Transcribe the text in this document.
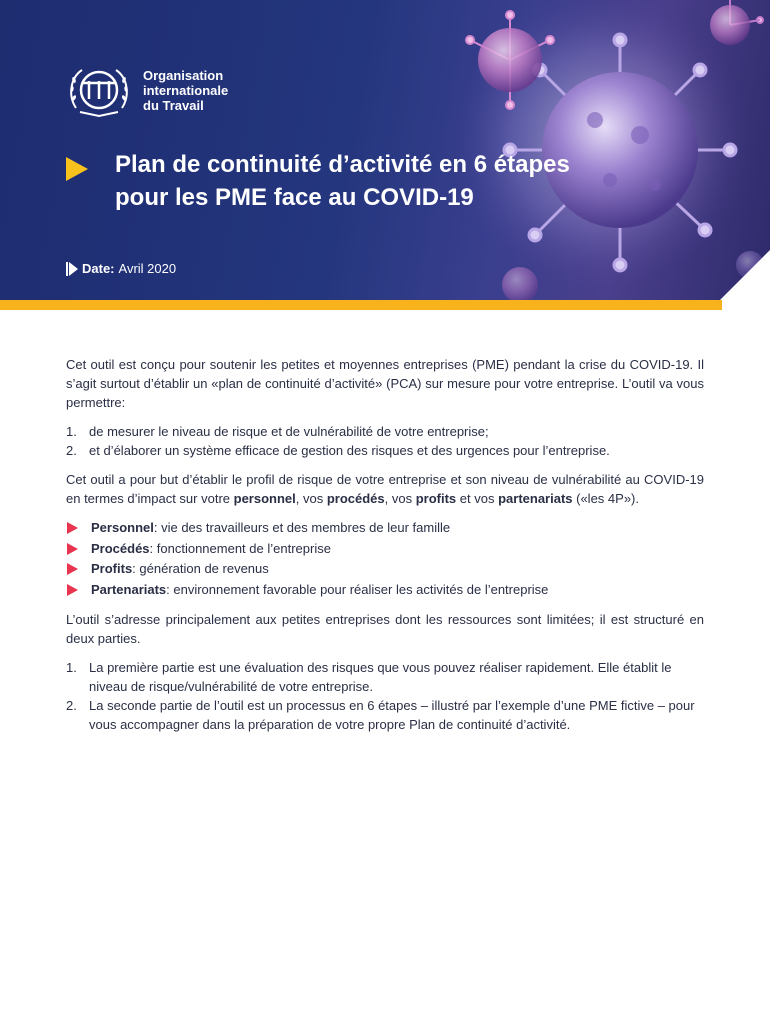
Organisation
internationale
du Travail
Plan de continuité d’activité en 6 étapes
pour les PME face au COVID-19
Date: Avril 2020

Cet outil est conçu pour soutenir les petites et moyennes entreprises (PME) pendant la crise du COVID-19. Il s’agit surtout d’établir un «plan de continuité d’activité» (PCA) sur mesure pour votre entreprise. L’outil va vous permettre:

1. de mesurer le niveau de risque et de vulnérabilité de votre entreprise;
2. et d’élaborer un système efficace de gestion des risques et des urgences pour l’entreprise.

Cet outil a pour but d’établir le profil de risque de votre entreprise et son niveau de vulnérabilité au COVID-19 en termes d’impact sur votre personnel, vos procédés, vos profits et vos partenariats («les 4P»).

Personnel: vie des travailleurs et des membres de leur famille
Procédés: fonctionnement de l’entreprise
Profits: génération de revenus
Partenariats: environnement favorable pour réaliser les activités de l’entreprise

L’outil s’adresse principalement aux petites entreprises dont les ressources sont limitées; il est structuré en deux parties.

1. La première partie est une évaluation des risques que vous pouvez réaliser rapidement. Elle établit le niveau de risque/vulnérabilité de votre entreprise.
2. La seconde partie de l’outil est un processus en 6 étapes – illustré par l’exemple d’une PME fictive – pour vous accompagner dans la préparation de votre propre Plan de continuité d’activité.
